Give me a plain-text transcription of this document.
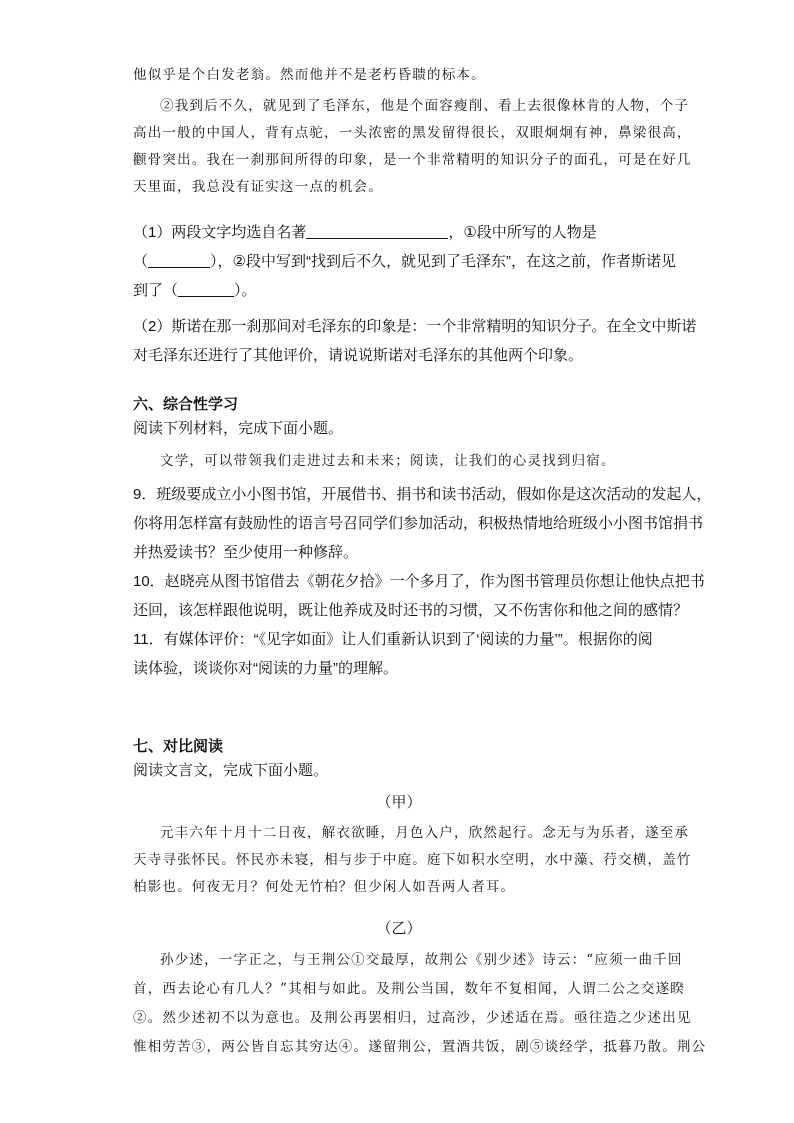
他似乎是个白发老翁。然而他并不是老朽昏聩的标本。
②我到后不久，就见到了毛泽东，他是个面容瘦削、看上去很像林肯的人物，个子
高出一般的中国人，背有点驼，一头浓密的黑发留得很长，双眼炯炯有神，鼻梁很高，
颧骨突出。我在一刹那间所得的印象，是一个非常精明的知识分子的面孔，可是在好几
天里面，我总没有证实这一点的机会。
（1）两段文字均选自名著	，①段中所写的人物是
（	），②段中写到“找到后不久，就见到了毛泽东”，在这之前，作者斯诺见
到了（	）。
（2）斯诺在那一刹那间对毛泽东的印象是：一个非常精明的知识分子。在全文中斯诺
对毛泽东还进行了其他评价，请说说斯诺对毛泽东的其他两个印象。
六、综合性学习
阅读下列材料，完成下面小题。
文学，可以带领我们走进过去和未来；阅读，让我们的心灵找到归宿。
9．班级要成立小小图书馆，开展借书、捐书和读书活动，假如你是这次活动的发起人，
你将用怎样富有鼓励性的语言号召同学们参加活动，积极热情地给班级小小图书馆捐书
并热爱读书？至少使用一种修辞。
10．赵晓亮从图书馆借去《朝花夕拾》一个多月了，作为图书管理员你想让他快点把书
还回，该怎样跟他说明，既让他养成及时还书的习惯，又不伤害你和他之间的感情？
11．有媒体评价：“《见字如面》让人们重新认识到了‘阅读的力量’”。根据你的阅
读体验，谈谈你对“阅读的力量”的理解。
七、对比阅读
阅读文言文，完成下面小题。
（甲）
元丰六年十月十二日夜，解衣欲睡，月色入户，欣然起行。念无与为乐者，遂至承
天寺寻张怀民。怀民亦未寝，相与步于中庭。庭下如积水空明，水中藻、荇交横，盖竹
柏影也。何夜无月？何处无竹柏？但少闲人如吾两人者耳。
（乙）
孙少述，一字正之，与王荆公①交最厚，故荆公《别少述》诗云：“应须一曲千回
首，西去论心有几人？”其相与如此。及荆公当国，数年不复相闻，人谓二公之交遂睽
②。然少述初不以为意也。及荆公再罢相归，过高沙，少述适在焉。亟往造之少述出见
惟相劳苦③，两公皆自忘其穷达④。遂留荆公，置酒共饭，剧⑤谈经学，抵暮乃散。荆公
